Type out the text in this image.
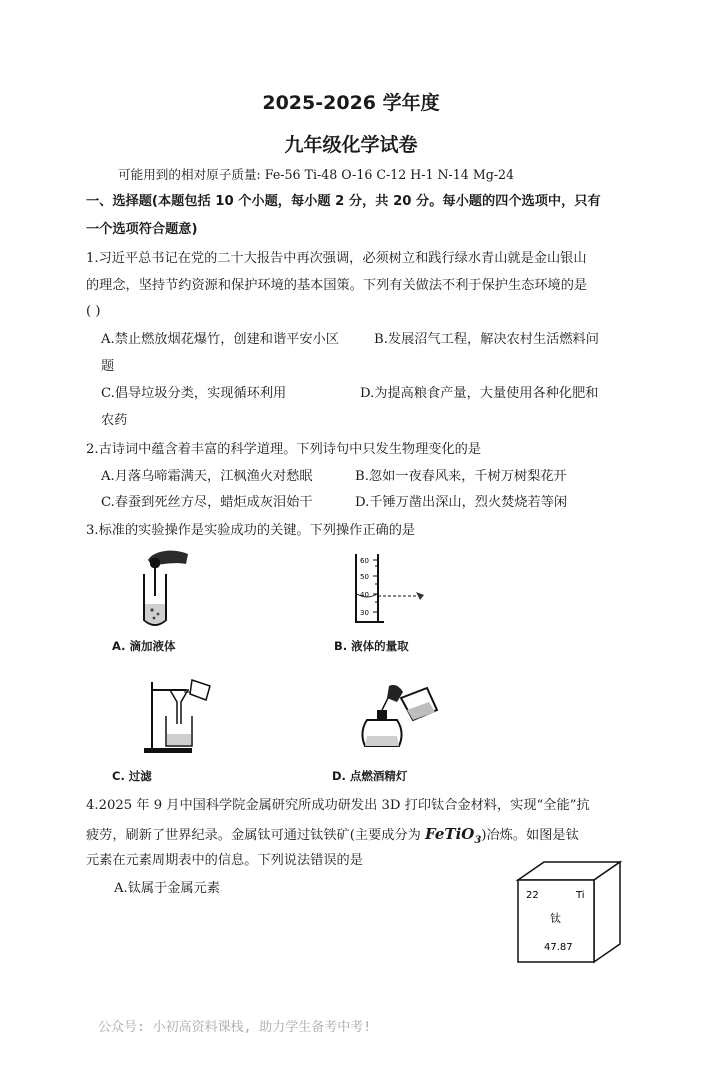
2025-2026 学年度
九年级化学试卷
可能用到的相对原子质量: Fe-56 Ti-48 O-16 C-12 H-1 N-14 Mg-24
一、选择题(本题包括 10 个小题，每小题 2 分，共 20 分。每小题的四个选项中，只有
一个选项符合题意)
1.习近平总书记在党的二十大报告中再次强调，必须树立和践行绿水青山就是金山银山
的理念，坚持节约资源和保护环境的基本国策。下列有关做法不利于保护生态环境的是
( )
A.禁止燃放烟花爆竹，创建和谐平安小区	B.发展沼气工程，解决农村生活燃料问
题
C.倡导垃圾分类，实现循环利用	D.为提高粮食产量，大量使用各种化肥和
农药
2.古诗词中蕴含着丰富的科学道理。下列诗句中只发生物理变化的是
A.月落乌啼霜满天，江枫渔火对愁眠	B.忽如一夜春风来，千树万树梨花开
C.春蚕到死丝方尽，蜡炬成灰泪始干	D.千锤万凿出深山，烈火焚烧若等闲
3.标准的实验操作是实验成功的关键。下列操作正确的是
A. 滴加液体
60
50
40
30
B. 液体的量取
C. 过滤	D. 点燃酒精灯
4.2025 年 9 月中国科学院金属研究所成功研发出 3D 打印钛合金材料，实现“全能”抗
疲劳，刷新了世界纪录。金属钛可通过钛铁矿(主要成分为 FeTiO$_3$)冶炼。如图是钛
元素在元素周期表中的信息。下列说法错误的是
A.钛属于金属元素	22	Ti
钛
47.87
公众号: 小初高资料课栈, 助力学生备考中考!
